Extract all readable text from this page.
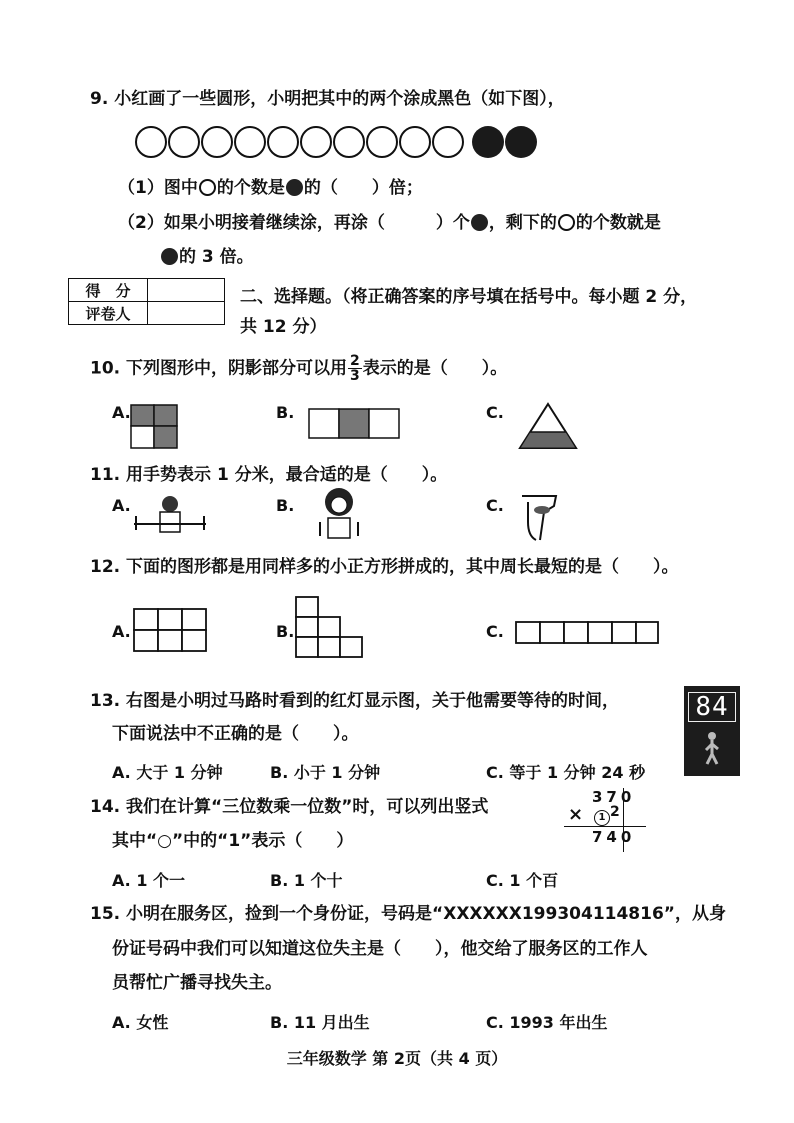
9. 小红画了一些圆形，小明把其中的两个涂成黑色（如下图），
（1）图中 的个数是 的（　　）倍；
（2）如果小明接着继续涂，再涂（　　　）个 ，剩下的 的个数就是
的 3 倍。
得　分	
评卷人	
二、选择题。（将正确答案的序号填在括号中。每小题 2 分，
共 12 分）
10. 下列图形中，阴影部分可以用 $\frac{2}{3}$ 表示的是（　　）。
A.	B.	C.
11. 用手势表示 1 分米，最合适的是（　　）。
A.	B.	C.
12. 下面的图形都是用同样多的小正方形拼成的，其中周长最短的是（　　）。
A.	B.	C.
13. 右图是小明过马路时看到的红灯显示图，关于他需要等待的时间，
下面说法中不正确的是（　　）。
A. 大于 1 分钟	B. 小于 1 分钟	C. 等于 1 分钟 24 秒
84
14. 我们在计算“三位数乘一位数”时，可以列出竖式
其中“○”中的“1”表示（　　）
370
×	1 2
740
A. 1 个一	B. 1 个十	C. 1 个百
15. 小明在服务区，捡到一个身份证，号码是“XXXXXX199304114816”，从身
份证号码中我们可以知道这位失主是（　　），他交给了服务区的工作人
员帮忙广播寻找失主。
A. 女性	B. 11 月出生	C. 1993 年出生
三年级数学 第 2页（共 4 页）
